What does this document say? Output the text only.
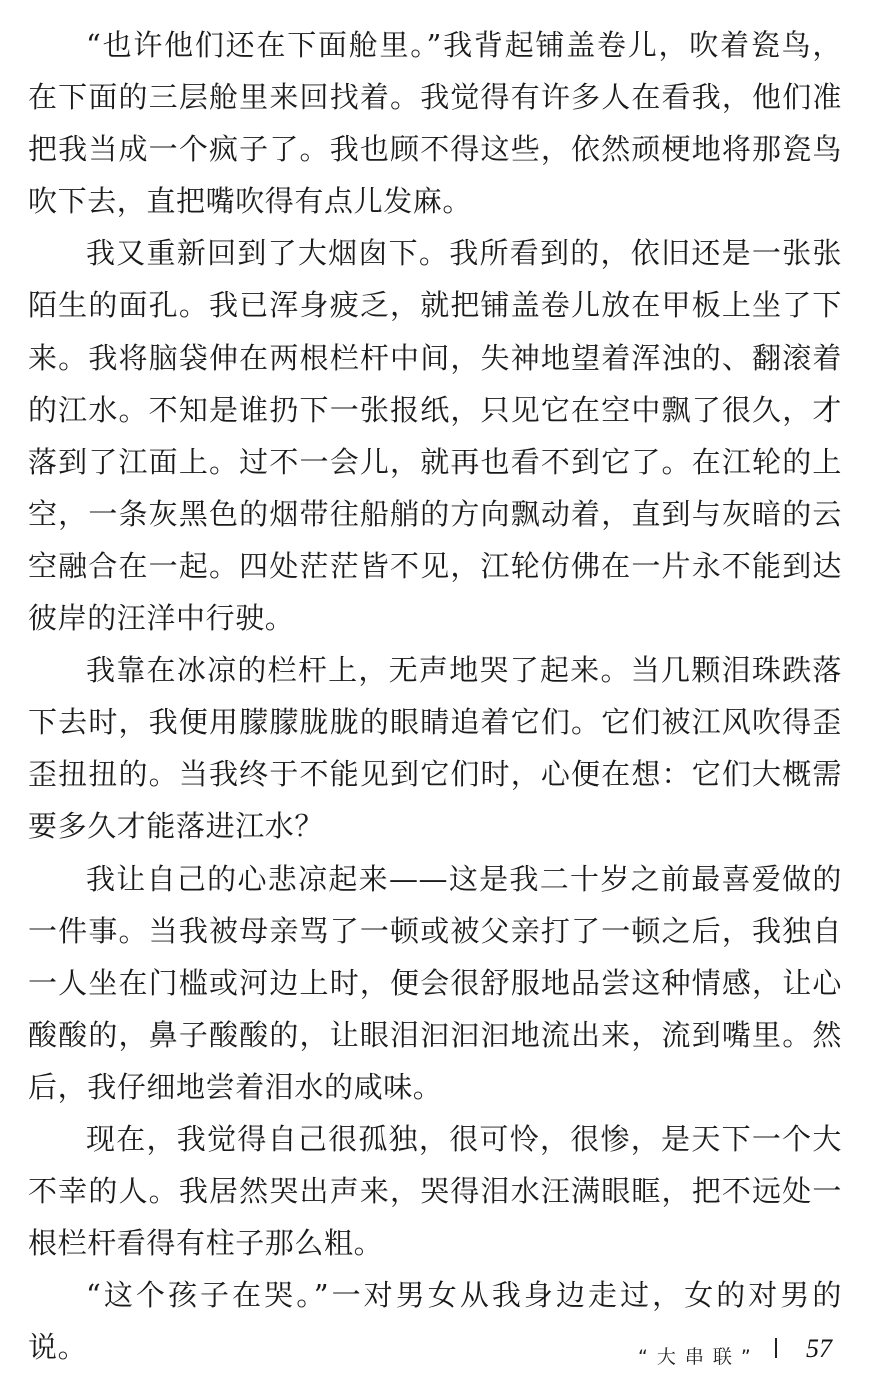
“也许他们还在下面舱里。”我背起铺盖卷儿，吹着瓷鸟，在下面的三层舱里来回找着。我觉得有许多人在看我，他们准把我当成一个疯子了。我也顾不得这些，依然顽梗地将那瓷鸟吹下去，直把嘴吹得有点儿发麻。

我又重新回到了大烟囱下。我所看到的，依旧还是一张张陌生的面孔。我已浑身疲乏，就把铺盖卷儿放在甲板上坐了下来。我将脑袋伸在两根栏杆中间，失神地望着浑浊的、翻滚着的江水。不知是谁扔下一张报纸，只见它在空中飘了很久，才落到了江面上。过不一会儿，就再也看不到它了。在江轮的上空，一条灰黑色的烟带往船艄的方向飘动着，直到与灰暗的云空融合在一起。四处茫茫皆不见，江轮仿佛在一片永不能到达彼岸的汪洋中行驶。

我靠在冰凉的栏杆上，无声地哭了起来。当几颗泪珠跌落下去时，我便用朦朦胧胧的眼睛追着它们。它们被江风吹得歪歪扭扭的。当我终于不能见到它们时，心便在想：它们大概需要多久才能落进江水？

我让自己的心悲凉起来——这是我二十岁之前最喜爱做的一件事。当我被母亲骂了一顿或被父亲打了一顿之后，我独自一人坐在门槛或河边上时，便会很舒服地品尝这种情感，让心酸酸的，鼻子酸酸的，让眼泪汩汩汩地流出来，流到嘴里。然后，我仔细地尝着泪水的咸味。

现在，我觉得自己很孤独，很可怜，很惨，是天下一个大不幸的人。我居然哭出声来，哭得泪水汪满眼眶，把不远处一根栏杆看得有柱子那么粗。

“这个孩子在哭。”一对男女从我身边走过，女的对男的说。	“大串联” 57
